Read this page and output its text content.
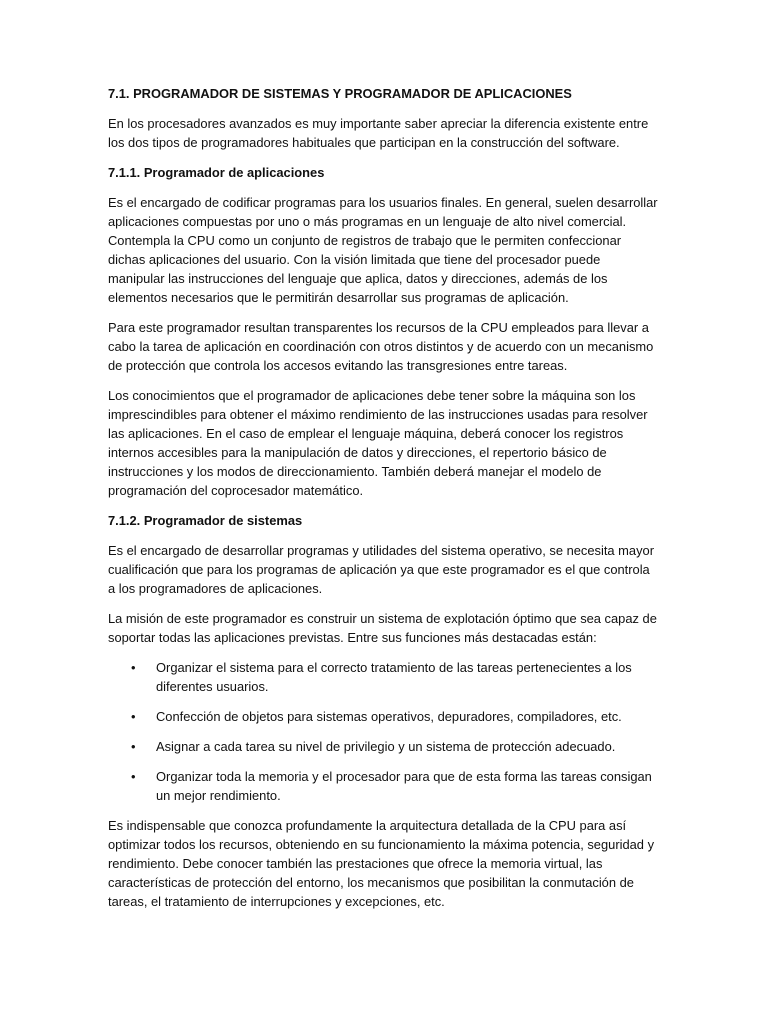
7.1. PROGRAMADOR DE SISTEMAS Y PROGRAMADOR DE APLICACIONES

En los procesadores avanzados es muy importante saber apreciar la diferencia existente entre los dos tipos de programadores habituales que participan en la construcción del software.

7.1.1. Programador de aplicaciones

Es el encargado de codificar programas para los usuarios finales. En general, suelen desarrollar aplicaciones compuestas por uno o más programas en un lenguaje de alto nivel comercial. Contempla la CPU como un conjunto de registros de trabajo que le permiten confeccionar dichas aplicaciones del usuario. Con la visión limitada que tiene del procesador puede manipular las instrucciones del lenguaje que aplica, datos y direcciones, además de los elementos necesarios que le permitirán desarrollar sus programas de aplicación.

Para este programador resultan transparentes los recursos de la CPU empleados para llevar a cabo la tarea de aplicación en coordinación con otros distintos y de acuerdo con un mecanismo de protección que controla los accesos evitando las transgresiones entre tareas.

Los conocimientos que el programador de aplicaciones debe tener sobre la máquina son los imprescindibles para obtener el máximo rendimiento de las instrucciones usadas para resolver las aplicaciones. En el caso de emplear el lenguaje máquina, deberá conocer los registros internos accesibles para la manipulación de datos y direcciones, el repertorio básico de instrucciones y los modos de direccionamiento. También deberá manejar el modelo de programación del coprocesador matemático.

7.1.2. Programador de sistemas

Es el encargado de desarrollar programas y utilidades del sistema operativo, se necesita mayor cualificación que para los programas de aplicación ya que este programador es el que controla a los programadores de aplicaciones.

La misión de este programador es construir un sistema de explotación óptimo que sea capaz de soportar todas las aplicaciones previstas. Entre sus funciones más destacadas están:

• Organizar el sistema para el correcto tratamiento de las tareas pertenecientes a los diferentes usuarios.
• Confección de objetos para sistemas operativos, depuradores, compiladores, etc.
• Asignar a cada tarea su nivel de privilegio y un sistema de protección adecuado.
• Organizar toda la memoria y el procesador para que de esta forma las tareas consigan un mejor rendimiento.

Es indispensable que conozca profundamente la arquitectura detallada de la CPU para así optimizar todos los recursos, obteniendo en su funcionamiento la máxima potencia, seguridad y rendimiento. Debe conocer también las prestaciones que ofrece la memoria virtual, las características de protección del entorno, los mecanismos que posibilitan la conmutación de tareas, el tratamiento de interrupciones y excepciones, etc.
